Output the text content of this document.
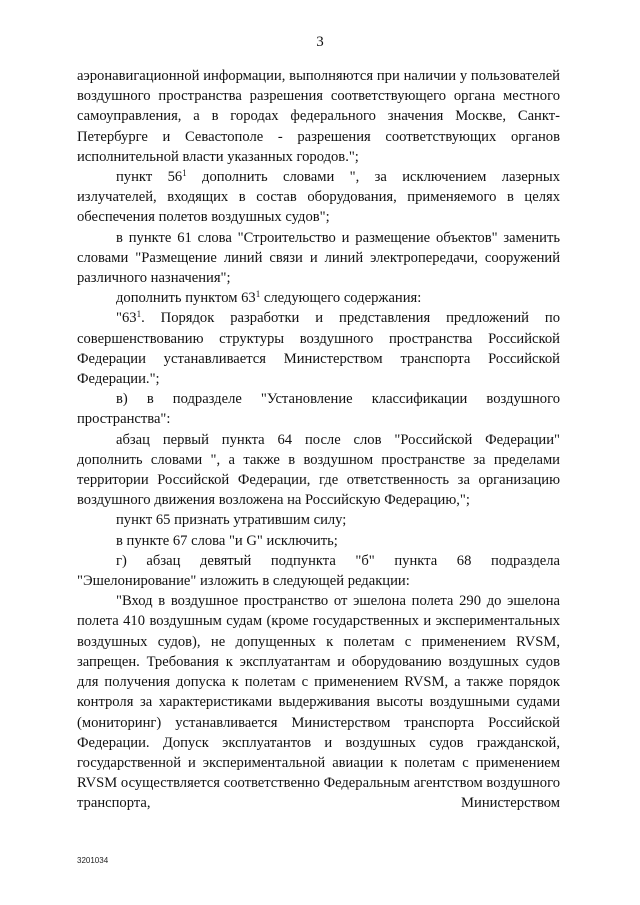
3

аэронавигационной информации, выполняются при наличии у пользователей воздушного пространства разрешения соответствующего органа местного самоуправления, а в городах федерального значения Москве, Санкт-Петербурге и Севастополе - разрешения соответствующих органов исполнительной власти указанных городов.";

пункт $56^1$ дополнить словами ", за исключением лазерных излучателей, входящих в состав оборудования, применяемого в целях обеспечения полетов воздушных судов";

в пункте 61 слова "Строительство и размещение объектов" заменить словами "Размещение линий связи и линий электропередачи, сооружений различного назначения";

дополнить пунктом $63^1$ следующего содержания:

"$63^1$. Порядок разработки и представления предложений по совершенствованию структуры воздушного пространства Российской Федерации устанавливается Министерством транспорта Российской Федерации.";

в) в подразделе "Установление классификации воздушного пространства":

абзац первый пункта 64 после слов "Российской Федерации" дополнить словами ", а также в воздушном пространстве за пределами территории Российской Федерации, где ответственность за организацию воздушного движения возложена на Российскую Федерацию,";

пункт 65 признать утратившим силу;

в пункте 67 слова "и G" исключить;

г) абзац девятый подпункта "б" пункта 68 подраздела "Эшелонирование" изложить в следующей редакции:

"Вход в воздушное пространство от эшелона полета 290 до эшелона полета 410 воздушным судам (кроме государственных и экспериментальных воздушных судов), не допущенных к полетам с применением RVSM, запрещен. Требования к эксплуатантам и оборудованию воздушных судов для получения допуска к полетам с применением RVSM, а также порядок контроля за характеристиками выдерживания высоты воздушными судами (мониторинг) устанавливается Министерством транспорта Российской Федерации. Допуск эксплуатантов и воздушных судов гражданской, государственной и экспериментальной авиации к полетам с применением RVSM осуществляется соответственно Федеральным агентством воздушного транспорта, Министерством

3201034
